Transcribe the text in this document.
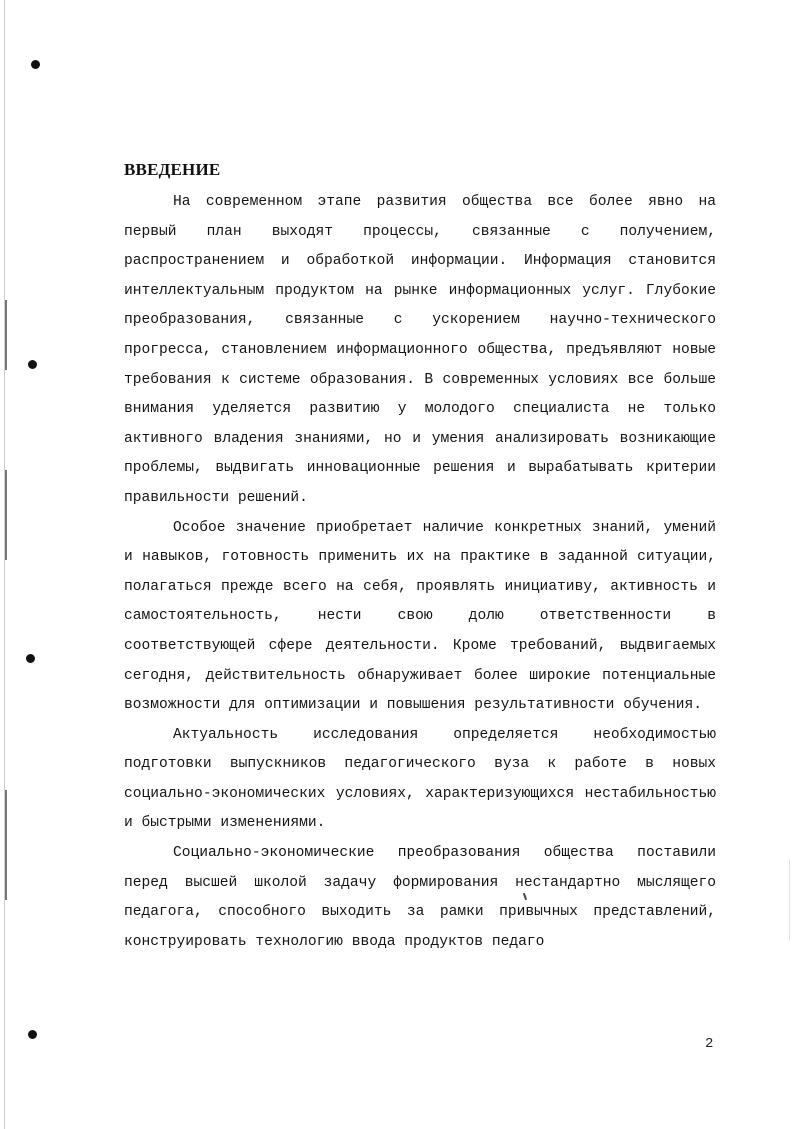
ВВЕДЕНИЕ

На современном этапе развития общества все более явно на первый план выходят процессы, связанные с получением, распространением и обработкой информации. Информация становится интеллектуальным продуктом на рынке информационных услуг. Глубокие преобразования, связанные с ускорением научно-технического прогресса, становлением информационного общества, предъявляют новые требования к системе образования. В современных условиях все больше внимания уделяется развитию у молодого специалиста не только активного владения знаниями, но и умения анализировать возникающие проблемы, выдвигать инновационные решения и вырабатывать критерии правильности решений.

Особое значение приобретает наличие конкретных знаний, умений и навыков, готовность применить их на практике в заданной ситуации, полагаться прежде всего на себя, проявлять инициативу, активность и самостоятельность, нести свою долю ответственности в соответствующей сфере деятельности. Кроме требований, выдвигаемых сегодня, действительность обнаруживает более широкие потенциальные возможности для оптимизации и повышения результативности обучения.

Актуальность исследования определяется необходимостью подготовки выпускников педагогического вуза к работе в новых социально-экономических условиях, характеризующихся нестабильностью и быстрыми изменениями.

Социально-экономические преобразования общества поставили перед высшей школой задачу формирования нестандартно мыслящего педагога, способного выходить за рамки привычных представлений, конструировать технологию ввода продуктов педаго

2
